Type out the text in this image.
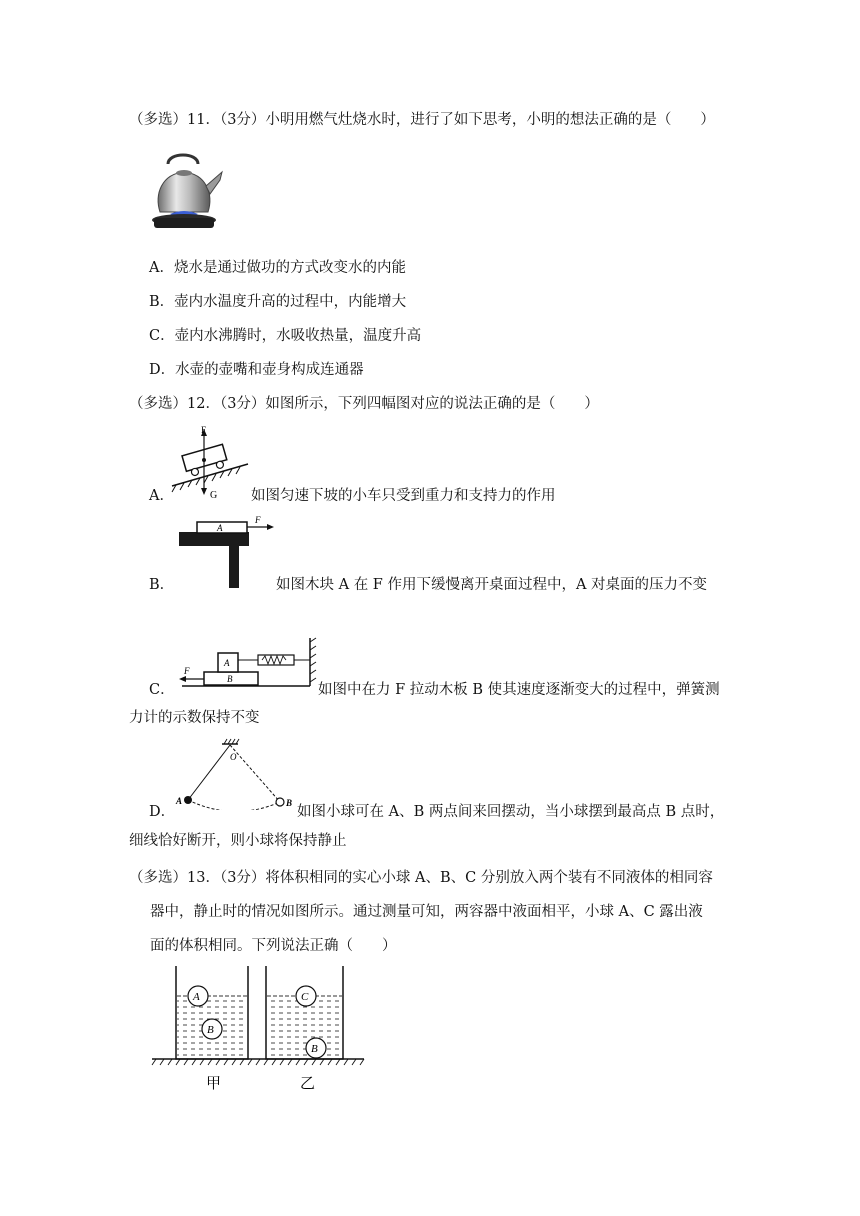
（多选）11．（3分）小明用燃气灶烧水时，进行了如下思考，小明的想法正确的是（　　）
A．烧水是通过做功的方式改变水的内能
B．壶内水温度升高的过程中，内能增大
C．壶内水沸腾时，水吸收热量，温度升高
D．水壶的壶嘴和壶身构成连通器
（多选）12．（3分）如图所示，下列四幅图对应的说法正确的是（　　）
F
G
A．	如图匀速下坡的小车只受到重力和支持力的作用
A
F
B．	如图木块 A 在 F 作用下缓慢离开桌面过程中，A 对桌面的压力不变
B
A
F
C．	如图中在力 F 拉动木板 B 使其速度逐渐变大的过程中，弹簧测
力计的示数保持不变
O
A	B
D．	如图小球可在 A、B 两点间来回摆动，当小球摆到最高点 B 点时，
细线恰好断开，则小球将保持静止
（多选）13．（3分）将体积相同的实心小球 A、B、C 分别放入两个装有不同液体的相同容
器中，静止时的情况如图所示。通过测量可知，两容器中液面相平，小球 A、C 露出液
面的体积相同。下列说法正确（　　）
A
B
C
B
甲	乙
